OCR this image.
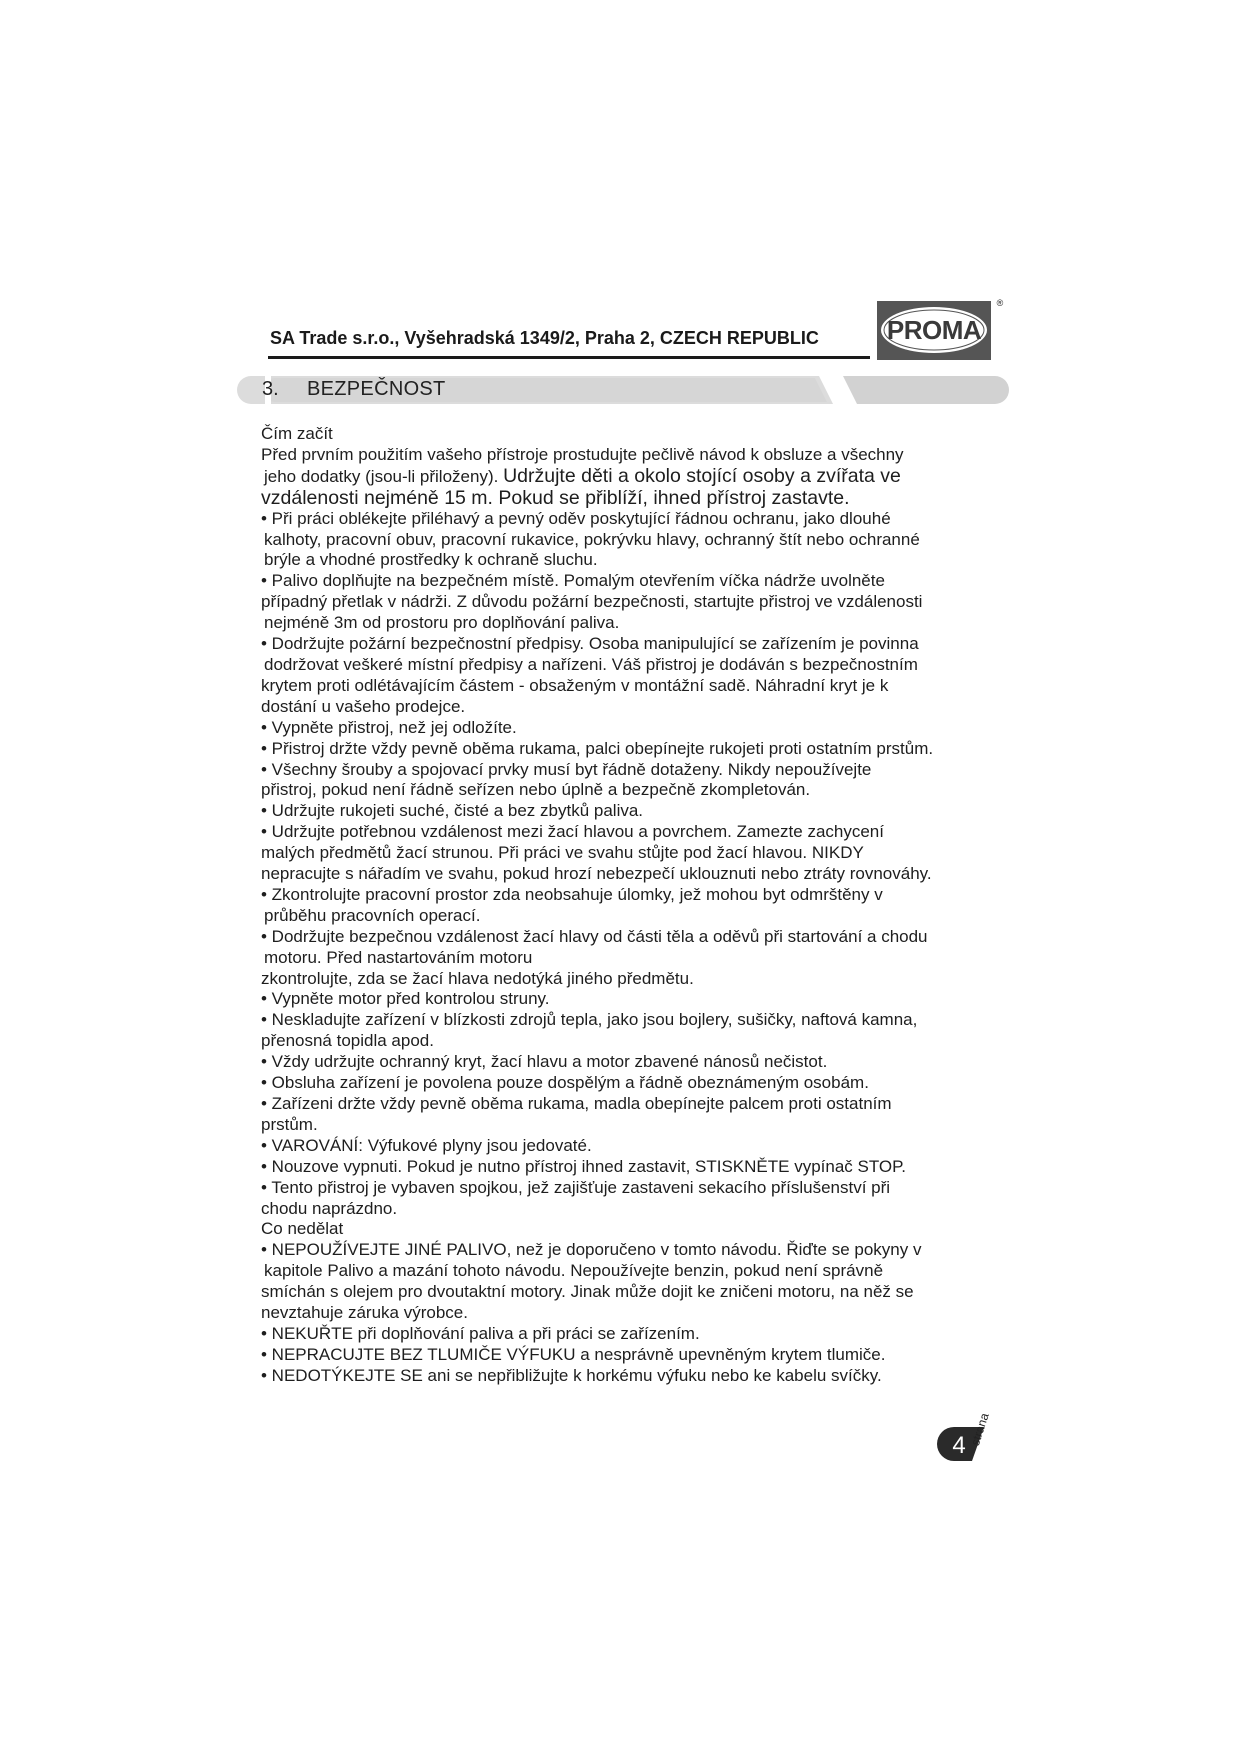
SA Trade s.r.o., Vyšehradská 1349/2, Praha 2, CZECH REPUBLIC	PROMA
®
3. BEZPEČNOST
Čím začít
Před prvním použitím vašeho přístroje prostudujte pečlivě návod k obsluze a všechny
jeho dodatky (jsou-li přiloženy). Udržujte děti a okolo stojící osoby a zvířata ve
vzdálenosti nejméně 15 m. Pokud se přiblíží, ihned přístroj zastavte.
• Při práci oblékejte přiléhavý a pevný oděv poskytující řádnou ochranu, jako dlouhé
kalhoty, pracovní obuv, pracovní rukavice, pokrývku hlavy, ochranný štít nebo ochranné
brýle a vhodné prostředky k ochraně sluchu.
• Palivo doplňujte na bezpečném místě. Pomalým otevřením víčka nádrže uvolněte
případný přetlak v nádrži. Z důvodu požární bezpečnosti, startujte přistroj ve vzdálenosti
nejméně 3m od prostoru pro doplňování paliva.
• Dodržujte požární bezpečnostní předpisy. Osoba manipulující se zařízením je povinna
dodržovat veškeré místní předpisy a nařízeni. Váš přistroj je dodáván s bezpečnostním
krytem proti odlétávajícím částem - obsaženým v montážní sadě. Náhradní kryt je k
dostání u vašeho prodejce.
• Vypněte přistroj, než jej odložíte.
• Přistroj držte vždy pevně oběma rukama, palci obepínejte rukojeti proti ostatním prstům.
• Všechny šrouby a spojovací prvky musí byt řádně dotaženy. Nikdy nepoužívejte
přistroj, pokud není řádně seřízen nebo úplně a bezpečně zkompletován.
• Udržujte rukojeti suché, čisté a bez zbytků paliva.
• Udržujte potřebnou vzdálenost mezi žací hlavou a povrchem. Zamezte zachycení
malých předmětů žací strunou. Při práci ve svahu stůjte pod žací hlavou. NIKDY
nepracujte s nářadím ve svahu, pokud hrozí nebezpečí uklouznuti nebo ztráty rovnováhy.
• Zkontrolujte pracovní prostor zda neobsahuje úlomky, jež mohou byt odmrštěny v
průběhu pracovních operací.
• Dodržujte bezpečnou vzdálenost žací hlavy od části těla a oděvů při startování a chodu
motoru. Před nastartováním motoru
zkontrolujte, zda se žací hlava nedotýká jiného předmětu.
• Vypněte motor před kontrolou struny.
• Neskladujte zařízení v blízkosti zdrojů tepla, jako jsou bojlery, sušičky, naftová kamna,
přenosná topidla apod.
• Vždy udržujte ochranný kryt, žací hlavu a motor zbavené nánosů nečistot.
• Obsluha zařízení je povolena pouze dospělým a řádně obeznámeným osobám.
• Zařízeni držte vždy pevně oběma rukama, madla obepínejte palcem proti ostatním
prstům.
• VAROVÁNÍ: Výfukové plyny jsou jedovaté.
• Nouzove vypnuti. Pokud je nutno přístroj ihned zastavit, STISKNĚTE vypínač STOP.
• Tento přistroj je vybaven spojkou, jež zajišťuje zastaveni sekacího příslušenství při
chodu naprázdno.
Co nedělat
• NEPOUŽÍVEJTE JINÉ PALIVO, než je doporučeno v tomto návodu. Řiďte se pokyny v
kapitole Palivo a mazání tohoto návodu. Nepoužívejte benzin, pokud není správně
smíchán s olejem pro dvoutaktní motory. Jinak může dojit ke zničeni motoru, na něž se
nevztahuje záruka výrobce.
• NEKUŘTE při doplňování paliva a při práci se zařízením.
• NEPRACUJTE BEZ TLUMIČE VÝFUKU a nesprávně upevněným krytem tlumiče.
• NEDOTÝKEJTE SE ani se nepřibližujte k horkému výfuku nebo ke kabelu svíčky.
4 strana
